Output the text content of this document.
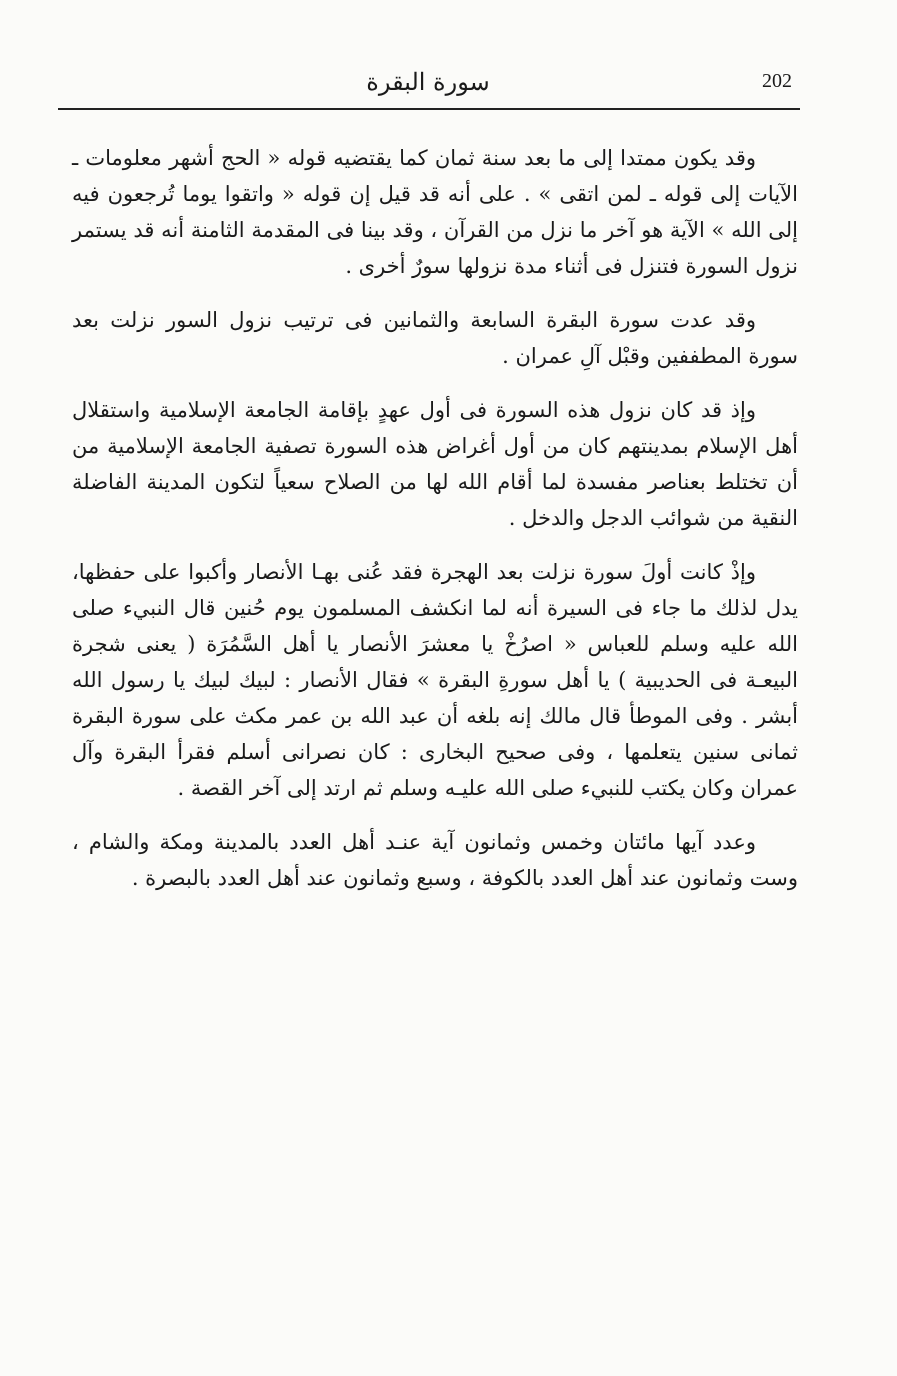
202
سورة البقرة

وقد يكون ممتدا إلى ما بعد سنة ثمان كما يقتضيه قوله « الحج أشهر معلومات ـ الآيات إلى قوله ـ لمن اتقى » . على أنه قد قيل إن قوله « واتقوا يوما تُرجعون فيه إلى الله » الآية هو آخر ما نزل من القرآن ، وقد بينا فى المقدمة الثامنة أنه قد يستمر نزول السورة فتنزل فى أثناء مدة نزولها سورٌ أخرى .

وقد عدت سورة البقرة السابعة والثمانين فى ترتيب نزول السور نزلت بعد سورة المطففين وقبْل آلِ عمران .

وإذ قد كان نزول هذه السورة فى أول عهدٍ بإقامة الجامعة الإسلامية واستقلال أهل الإسلام بمدينتهم كان من أول أغراض هذه السورة تصفية الجامعة الإسلامية من أن تختلط بعناصر مفسدة لما أقام الله لها من الصلاح سعياً لتكون المدينة الفاضلة النقية من شوائب الدجل والدخل .

وإذْ كانت أولَ سورة نزلت بعد الهجرة فقد عُنى بهـا الأنصار وأكبوا على حفظها، يدل لذلك ما جاء فى السيرة أنه لما انكشف المسلمون يوم حُنين قال النبيء صلى الله عليه وسلم للعباس « اصرُخْ يا معشرَ الأنصار يا أهل السَّمُرَة ( يعنى شجرة البيعـة فى الحديبية ) يا أهل سورةِ البقرة » فقال الأنصار : لبيك لبيك يا رسول الله أبشر . وفى الموطأ قال مالك إنه بلغه أن عبد الله بن عمر مكث على سورة البقرة ثمانى سنين يتعلمها ، وفى صحيح البخارى : كان نصرانى أسلم فقرأ البقرة وآل عمران وكان يكتب للنبيء صلى الله عليـه وسلم ثم ارتد إلى آخر القصة .

وعدد آيها مائتان وخمس وثمانون آية عنـد أهل العدد بالمدينة ومكة والشام ، وست وثمانون عند أهل العدد بالكوفة ، وسبع وثمانون عند أهل العدد بالبصرة .
